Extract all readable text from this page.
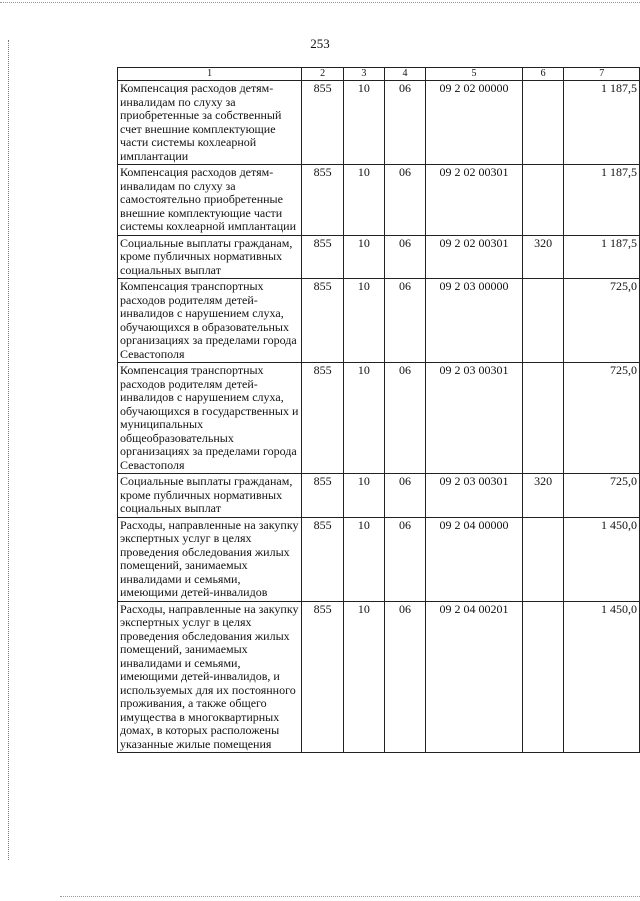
253
1	2	3	4	5	6	7
Компенсация расходов детям-инвалидам по слуху за приобретенные за собственный счет внешние комплектующие части системы кохлеарной имплантации	855	10	06	09 2 02 00000		1 187,5
Компенсация расходов детям-инвалидам по слуху за самостоятельно приобретенные внешние комплектующие части системы кохлеарной имплантации	855	10	06	09 2 02 00301		1 187,5
Социальные выплаты гражданам, кроме публичных нормативных социальных выплат	855	10	06	09 2 02 00301	320	1 187,5
Компенсация транспортных расходов родителям детей-инвалидов с нарушением слуха, обучающихся в образовательных организациях за пределами города Севастополя	855	10	06	09 2 03 00000		725,0
Компенсация транспортных расходов родителям детей-инвалидов с нарушением слуха, обучающихся в государственных и муниципальных общеобразовательных организациях за пределами города Севастополя	855	10	06	09 2 03 00301		725,0
Социальные выплаты гражданам, кроме публичных нормативных социальных выплат	855	10	06	09 2 03 00301	320	725,0
Расходы, направленные на закупку экспертных услуг в целях проведения обследования жилых помещений, занимаемых инвалидами и семьями, имеющими детей-инвалидов	855	10	06	09 2 04 00000		1 450,0
Расходы, направленные на закупку экспертных услуг в целях проведения обследования жилых помещений, занимаемых инвалидами и семьями, имеющими детей-инвалидов, и используемых для их постоянного проживания, а также общего имущества в многоквартирных домах, в которых расположены указанные жилые помещения	855	10	06	09 2 04 00201		1 450,0
